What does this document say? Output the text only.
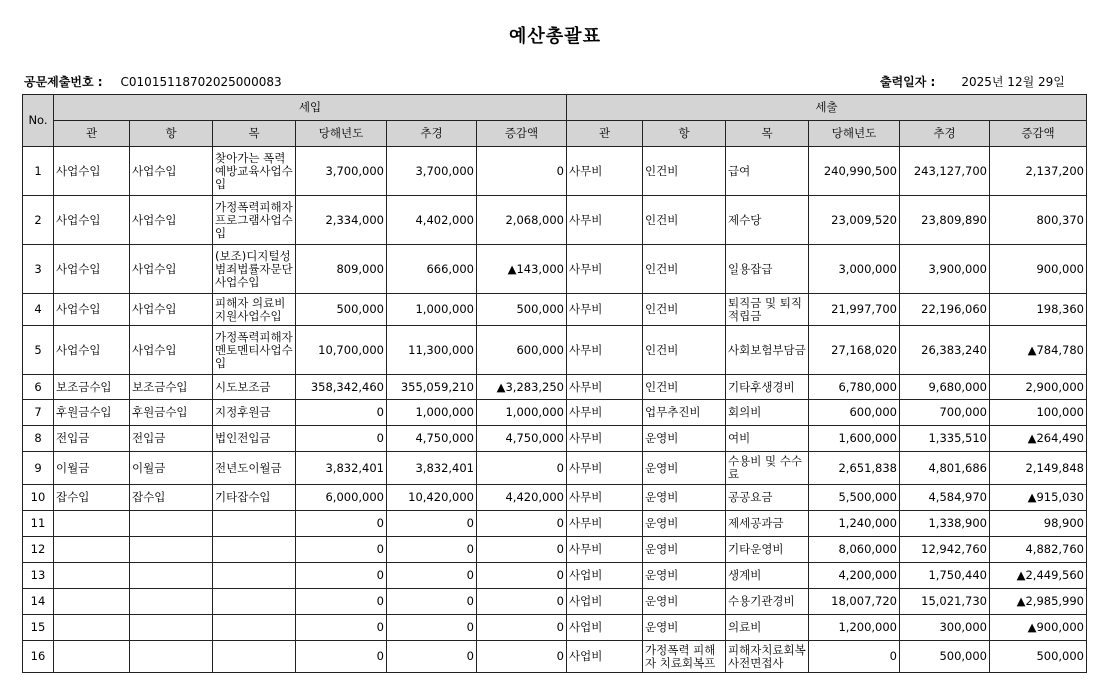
예산총괄표
공문제출번호 : C0101511870202500008​3	출력일자 : 2025년 12월 29일
No.	세입						세출					
	관	항	목	당해년도	추경	증감액	관	항	목	당해년도	추경	증감액
1	사업수입	사업수입	찾아가는 폭력예방교육사업수입	3,700,000	3,700,000	0	사무비	인건비	급여	240,990,500	243,127,700	2,137,200
2	사업수입	사업수입	가정폭력피해자프로그램사업수입	2,334,000	4,402,000	2,068,000	사무비	인건비	제수당	23,009,520	23,809,890	800,370
3	사업수입	사업수입	(보조)디지털성범죄법률자문단사업수입	809,000	666,000	▲143,000	사무비	인건비	일용잡급	3,000,000	3,900,000	900,000
4	사업수입	사업수입	피해자 의료비 지원사업수입	500,000	1,000,000	500,000	사무비	인건비	퇴직금 및 퇴직적립금	21,997,700	22,196,060	198,360
5	사업수입	사업수입	가정폭력피해자 멘토멘티사업수입	10,700,000	11,300,000	600,000	사무비	인건비	사회보험부담금	27,168,020	26,383,240	▲784,780
6	보조금수입	보조금수입	시도보조금	358,342,460	355,059,210	▲3,283,250	사무비	인건비	기타후생경비	6,780,000	9,680,000	2,900,000
7	후원금수입	후원금수입	지정후원금	0	1,000,000	1,000,000	사무비	업무추진비	회의비	600,000	700,000	100,000
8	전입금	전입금	법인전입금	0	4,750,000	4,750,000	사무비	운영비	여비	1,600,000	1,335,510	▲264,490
9	이월금	이월금	전년도이월금	3,832,401	3,832,401	0	사무비	운영비	수용비 및 수수료	2,651,838	4,801,686	2,149,848
10	잡수입	잡수입	기타잡수입	6,000,000	10,420,000	4,420,000	사무비	운영비	공공요금	5,500,000	4,584,970	▲915,030
11				0	0	0	사무비	운영비	제세공과금	1,240,000	1,338,900	98,900
12				0	0	0	사무비	운영비	기타운영비	8,060,000	12,942,760	4,882,760
13				0	0	0	사업비	운영비	생계비	4,200,000	1,750,440	▲2,449,560
14				0	0	0	사업비	운영비	수용기관경비	18,007,720	15,021,730	▲2,985,990
15				0	0	0	사업비	운영비	의료비	1,200,000	300,000	▲900,000
16				0	0	0	사업비	가정폭력 피해자 치료회복프	피해자치료회복 사전면접사	0	500,000	500,000
